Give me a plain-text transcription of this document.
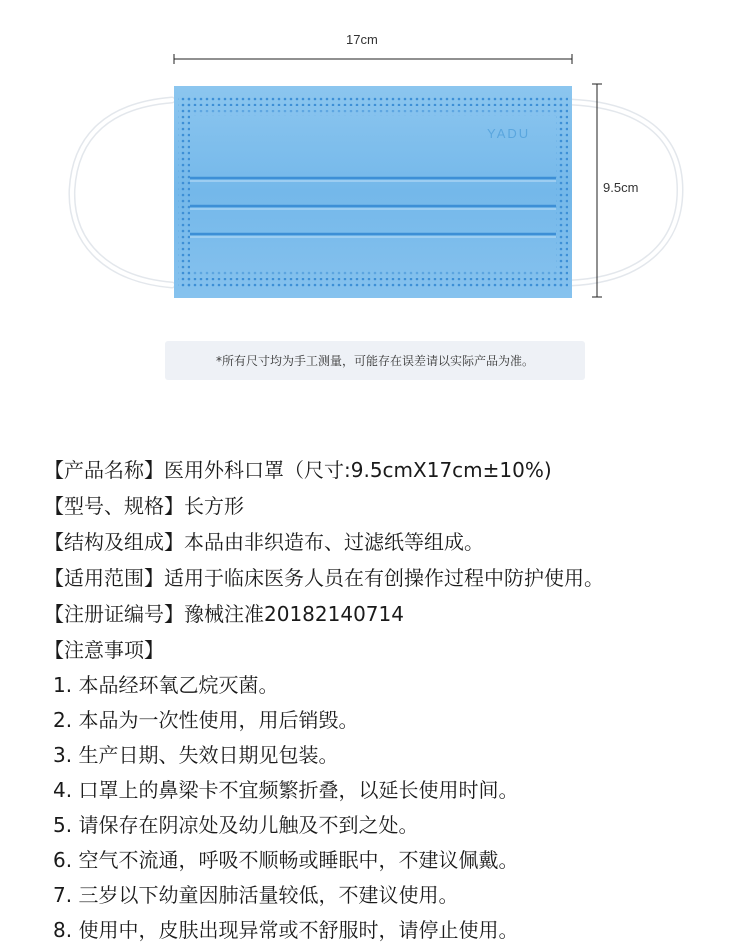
YADU
17cm
9.5cm
*所有尺寸均为手工测量，可能存在误差请以实际产品为准。
【产品名称】医用外科口罩（尺寸:9.5cmX17cm±10%)
【型号、规格】长方形
【结构及组成】本品由非织造布、过滤纸等组成。
【适用范围】适用于临床医务人员在有创操作过程中防护使用。
【注册证编号】豫械注准20182140714
【注意事项】
1. 本品经环氧乙烷灭菌。
2. 本品为一次性使用，用后销毁。
3. 生产日期、失效日期见包装。
4. 口罩上的鼻梁卡不宜频繁折叠，以延长使用时间。
5. 请保存在阴凉处及幼儿触及不到之处。
6. 空气不流通，呼吸不顺畅或睡眠中，不建议佩戴。
7. 三岁以下幼童因肺活量较低，不建议使用。
8. 使用中，皮肤出现异常或不舒服时，请停止使用。
